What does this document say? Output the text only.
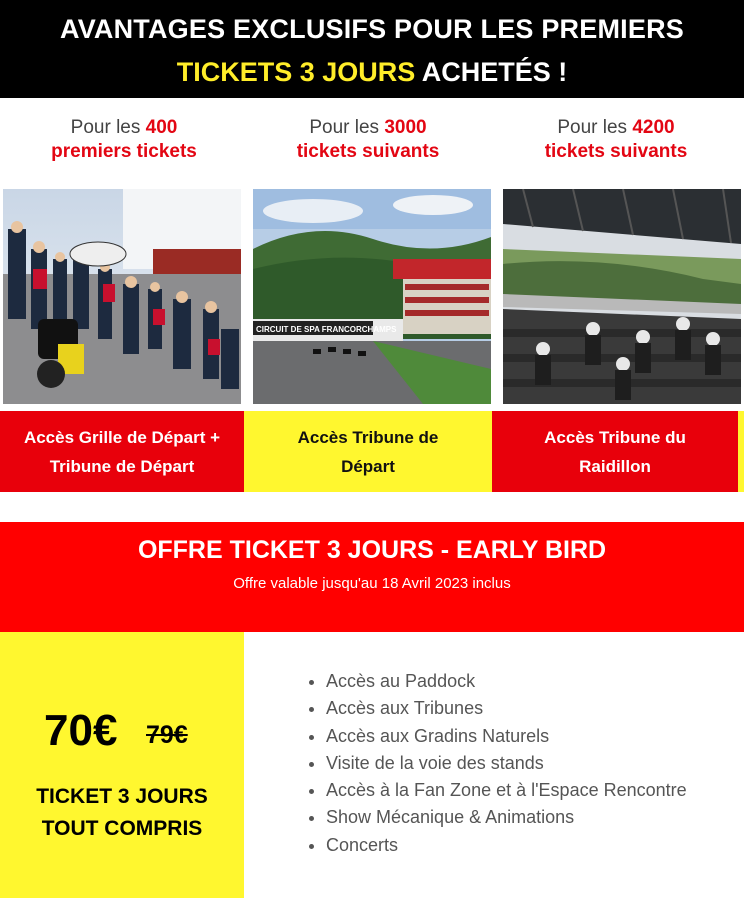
AVANTAGES EXCLUSIFS POUR LES PREMIERS
TICKETS 3 JOURS ACHETÉS !
Pour les 400
premiers tickets
Pour les 3000
tickets suivants
Pour les 4200
tickets suivants
CIRCUIT DE SPA FRANCORCHAMPS
Accès Grille de Départ + Tribune de Départ
Accès Tribune de Départ
Accès Tribune du Raidillon
OFFRE TICKET 3 JOURS - EARLY BIRD
Offre valable jusqu'au 18 Avril 2023 inclus
70€ 79€
TICKET 3 JOURS
TOUT COMPRIS
• Accès au Paddock
• Accès aux Tribunes
• Accès aux Gradins Naturels
• Visite de la voie des stands
• Accès à la Fan Zone et à l'Espace Rencontre
• Show Mécanique & Animations
• Concerts
